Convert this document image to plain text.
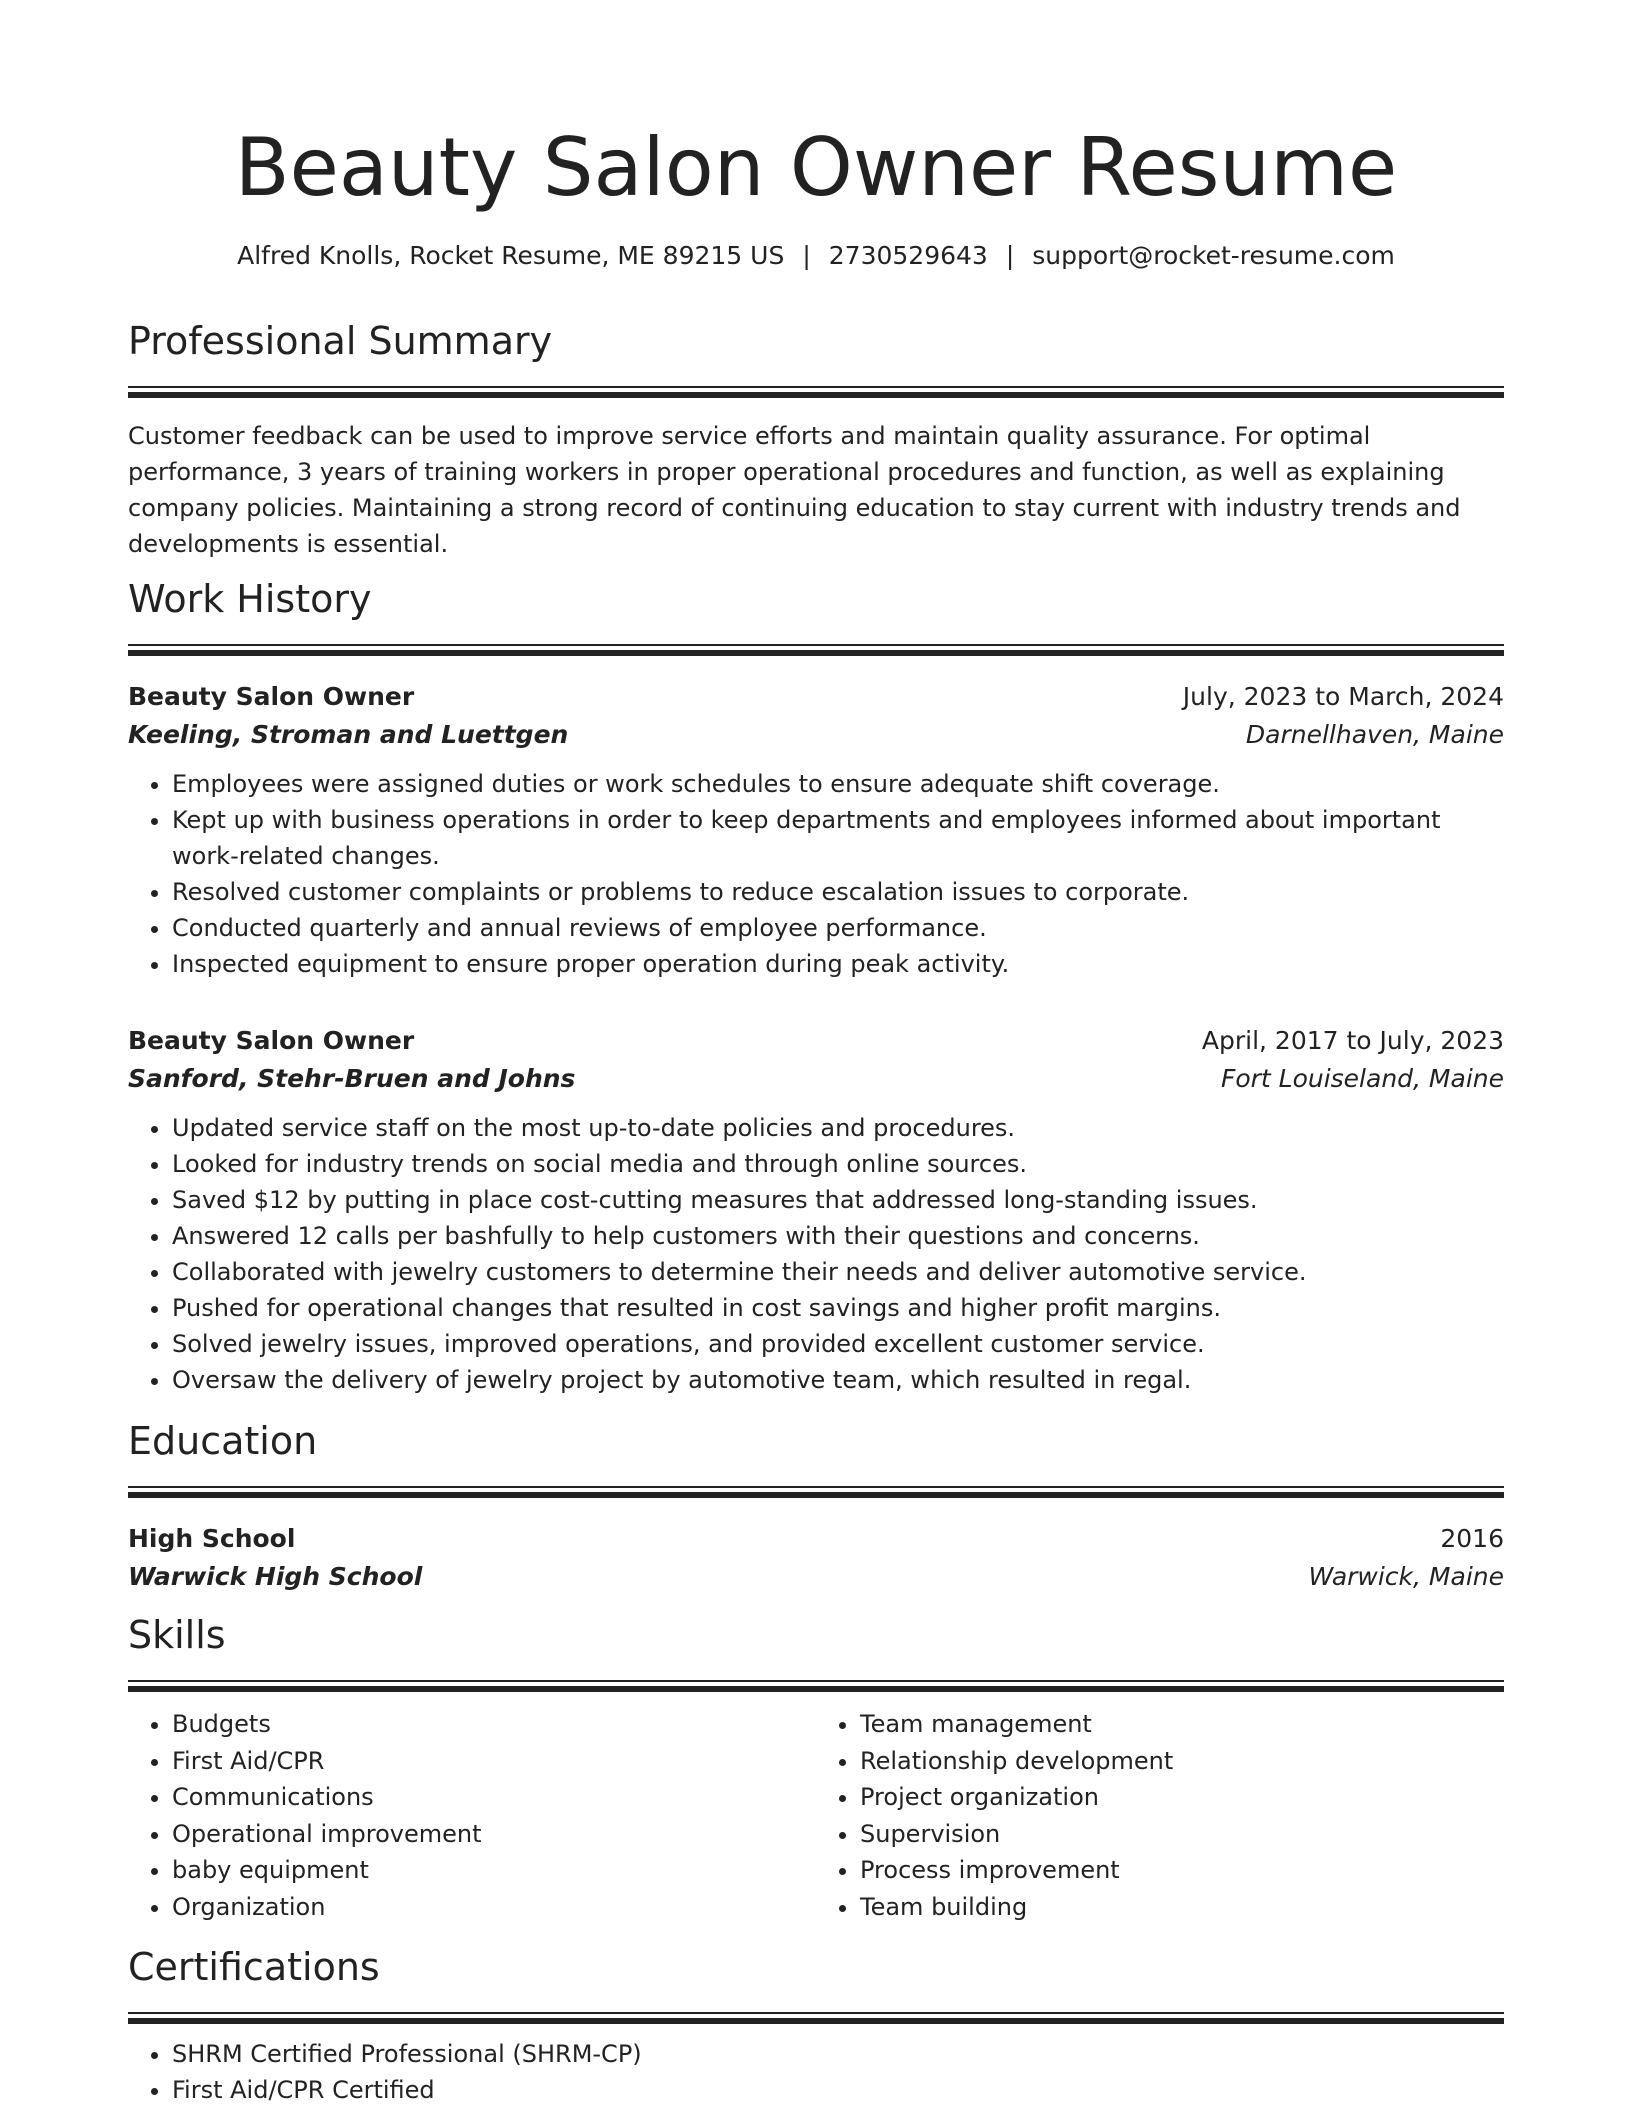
Beauty Salon Owner Resume
Alfred Knolls, Rocket Resume, ME 89215 US | 2730529643 | support@rocket-resume.com
Professional Summary

Customer feedback can be used to improve service efforts and maintain quality assurance. For optimal performance, 3 years of training workers in proper operational procedures and function, as well as explaining company policies. Maintaining a strong record of continuing education to stay current with industry trends and developments is essential.

Work History
Beauty Salon Owner	July, 2023 to March, 2024
Keeling, Stroman and Luettgen	Darnellhaven, Maine
• Employees were assigned duties or work schedules to ensure adequate shift coverage.
• Kept up with business operations in order to keep departments and employees informed about important work-related changes.
• Resolved customer complaints or problems to reduce escalation issues to corporate.
• Conducted quarterly and annual reviews of employee performance.
• Inspected equipment to ensure proper operation during peak activity.
Beauty Salon Owner	April, 2017 to July, 2023
Sanford, Stehr-Bruen and Johns	Fort Louiseland, Maine
• Updated service staff on the most up-to-date policies and procedures.
• Looked for industry trends on social media and through online sources.
• Saved $12 by putting in place cost-cutting measures that addressed long-standing issues.
• Answered 12 calls per bashfully to help customers with their questions and concerns.
• Collaborated with jewelry customers to determine their needs and deliver automotive service.
• Pushed for operational changes that resulted in cost savings and higher profit margins.
• Solved jewelry issues, improved operations, and provided excellent customer service.
• Oversaw the delivery of jewelry project by automotive team, which resulted in regal.
Education
High School	2016
Warwick High School	Warwick, Maine
Skills
• Budgets
• First Aid/CPR
• Communications
• Operational improvement
• baby equipment
• Organization
• Team management
• Relationship development
• Project organization
• Supervision
• Process improvement
• Team building
Certifications
• SHRM Certified Professional (SHRM-CP)
• First Aid/CPR Certified
